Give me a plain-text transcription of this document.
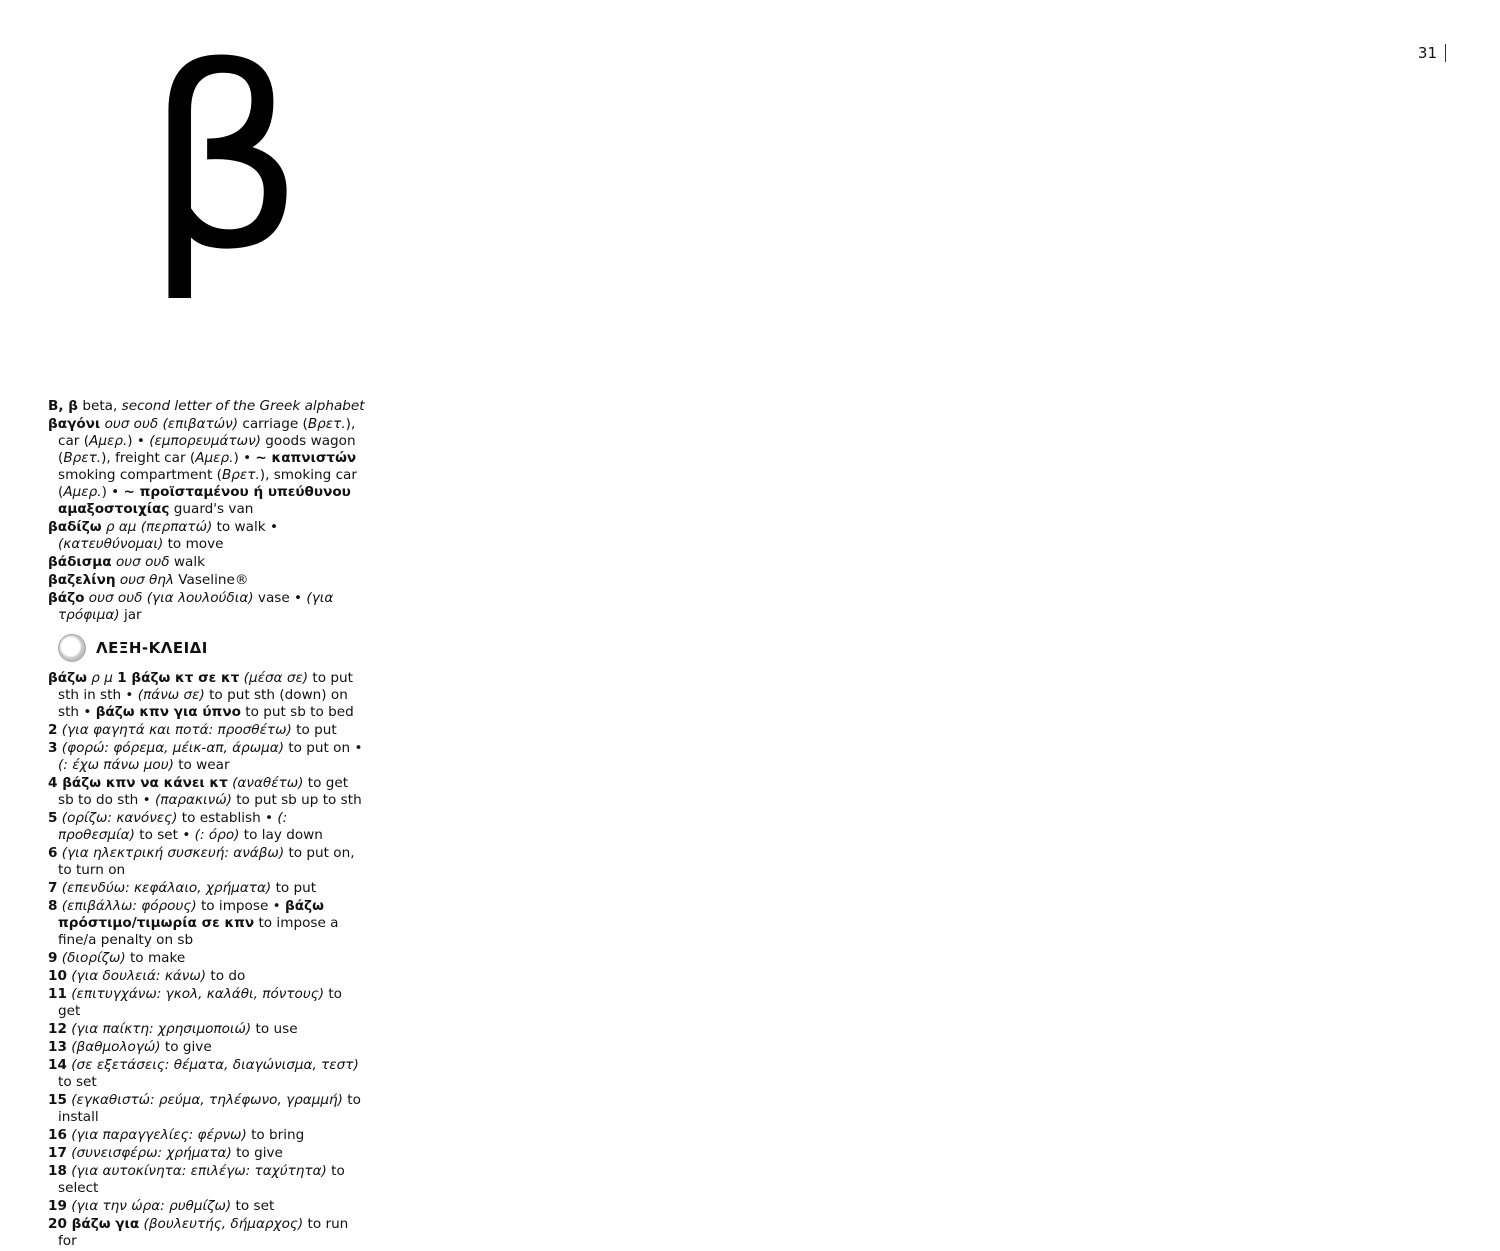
31
β
Β, β beta, second letter of the Greek alphabet
βαγόνι ουσ ουδ (επιβατών) carriage (Βρετ.), car (Αμερ.) • (εμπορευμάτων) goods wagon (Βρετ.), freight car (Αμερ.) • ~ καπνιστών smoking compartment (Βρετ.), smoking car (Αμερ.) • ~ προϊσταμένου ή υπεύθυνου αμαξοστοιχίας guard's van
βαδίζω ρ αμ (περπατώ) to walk • (κατευθύνομαι) to move
βάδισμα ουσ ουδ walk
βαζελίνη ουσ θηλ Vaseline®
βάζο ουσ ουδ (για λουλούδια) vase • (για τρόφιμα) jar
ΛΕΞΗ-ΚΛΕΙΔΙ
βάζω ρ μ 1 βάζω κτ σε κτ (μέσα σε) to put sth in sth • (πάνω σε) to put sth (down) on sth • βάζω κπν για ύπνο to put sb to bed
2 (για φαγητά και ποτά: προσθέτω) to put
3 (φορώ: φόρεμα, μέικ-απ, άρωμα) to put on • (: έχω πάνω μου) to wear
4 βάζω κπν να κάνει κτ (αναθέτω) to get sb to do sth • (παρακινώ) to put sb up to sth
5 (ορίζω: κανόνες) to establish • (: προθεσμία) to set • (: όρο) to lay down
6 (για ηλεκτρική συσκευή: ανάβω) to put on, to turn on
7 (επενδύω: κεφάλαιο, χρήματα) to put
8 (επιβάλλω: φόρους) to impose • βάζω πρόστιμο/τιμωρία σε κπν to impose a fine/a penalty on sb
9 (διορίζω) to make
10 (για δουλειά: κάνω) to do
11 (επιτυγχάνω: γκολ, καλάθι, πόντους) to get
12 (για παίκτη: χρησιμοποιώ) to use
13 (βαθμολογώ) to give
14 (σε εξετάσεις: θέματα, διαγώνισμα, τεστ) to set
15 (εγκαθιστώ: ρεύμα, τηλέφωνο, γραμμή) to install
16 (για παραγγελίες: φέρνω) to bring
17 (συνεισφέρω: χρήματα) to give
18 (για αυτοκίνητα: επιλέγω: ταχύτητα) to select
19 (για την ώρα: ρυθμίζω) to set
20 βάζω για (βουλευτής, δήμαρχος) to run for
